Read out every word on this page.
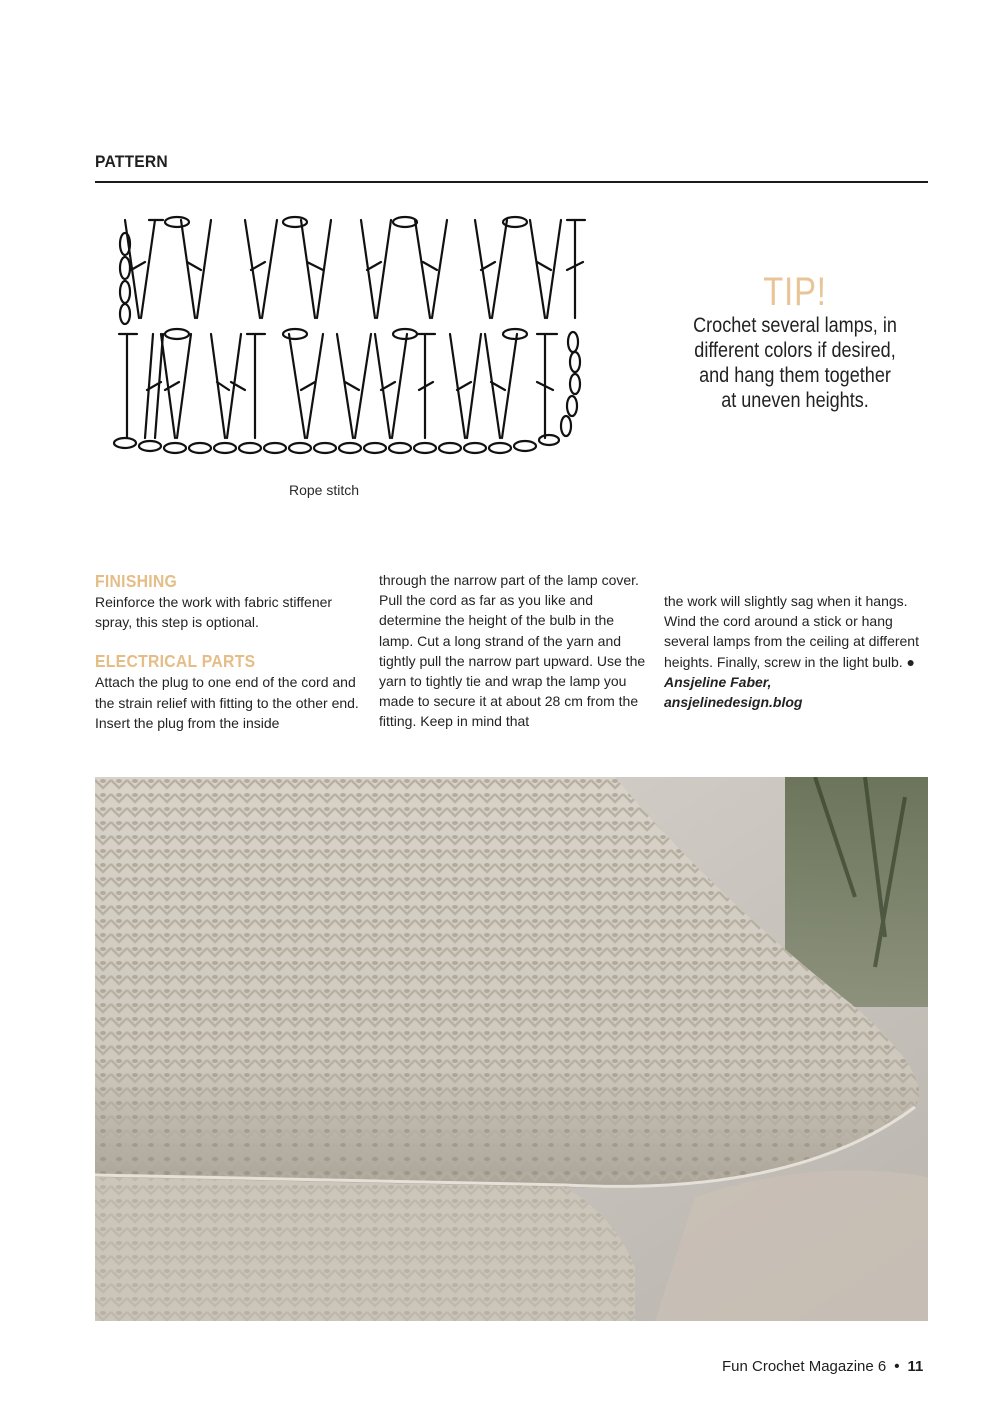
PATTERN
Rope stitch
TIP!
Crochet several lamps, in
different colors if desired,
and hang them together
at uneven heights.
FINISHING

Reinforce the work with fabric stiffener spray, this step is optional.

ELECTRICAL PARTS

Attach the plug to one end of the cord and the strain relief with fitting to the other end. Insert the plug from the inside

through the narrow part of the lamp cover. Pull the cord as far as you like and determine the height of the bulb in the lamp. Cut a long strand of the yarn and tightly pull the narrow part upward. Use the yarn to tightly tie and wrap the lamp you made to secure it at about 28 cm from the fitting. Keep in mind that

the work will slightly sag when it hangs. Wind the cord around a stick or hang several lamps from the ceiling at different heights. Finally, screw in the light bulb. ●

Ansjeline Faber,

ansjelinedesign.blog

Fun Crochet Magazine 6 • 11
